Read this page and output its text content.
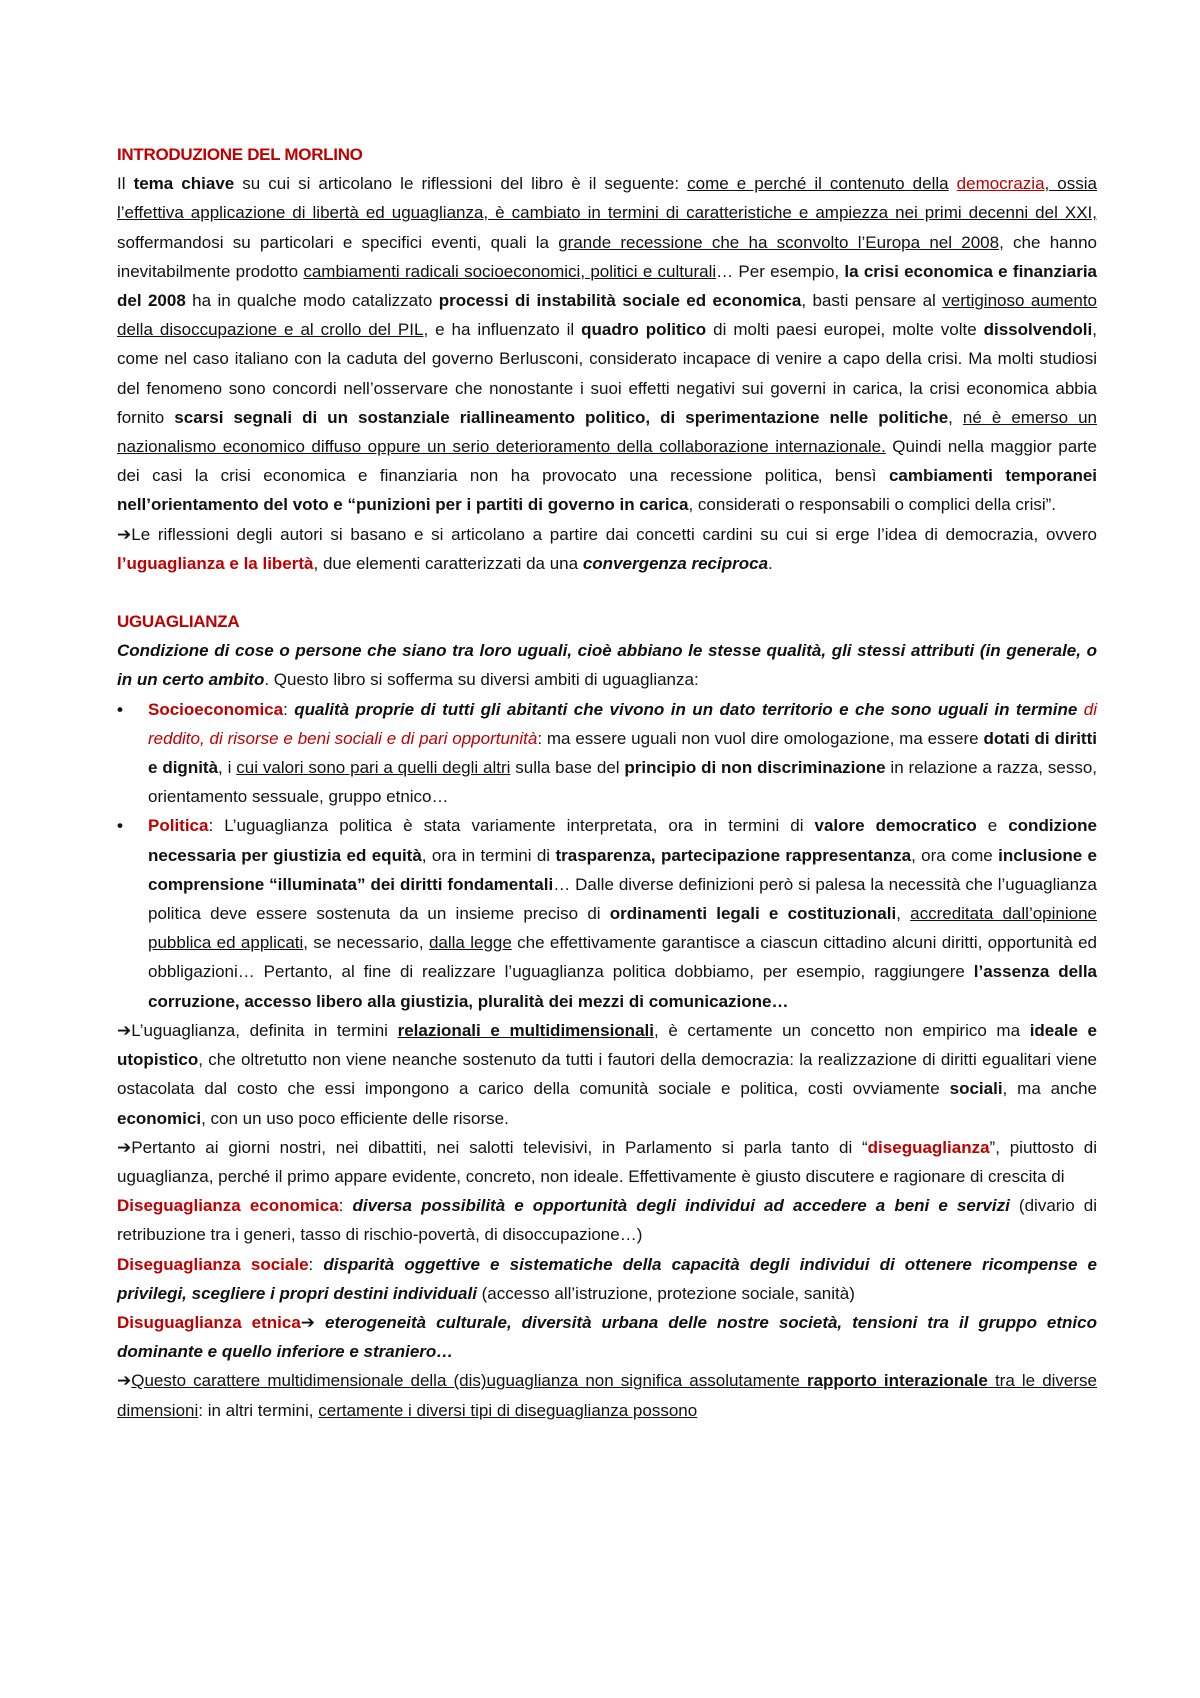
INTRODUZIONE DEL MORLINO

Il tema chiave su cui si articolano le riflessioni del libro è il seguente: come e perché il contenuto della democrazia, ossia l’effettiva applicazione di libertà ed uguaglianza, è cambiato in termini di caratteristiche e ampiezza nei primi decenni del XXI, soffermandosi su particolari e specifici eventi, quali la grande recessione che ha sconvolto l’Europa nel 2008, che hanno inevitabilmente prodotto cambiamenti radicali socioeconomici, politici e culturali… Per esempio, la crisi economica e finanziaria del 2008 ha in qualche modo catalizzato processi di instabilità sociale ed economica, basti pensare al vertiginoso aumento della disoccupazione e al crollo del PIL, e ha influenzato il quadro politico di molti paesi europei, molte volte dissolvendoli, come nel caso italiano con la caduta del governo Berlusconi, considerato incapace di venire a capo della crisi. Ma molti studiosi del fenomeno sono concordi nell’osservare che nonostante i suoi effetti negativi sui governi in carica, la crisi economica abbia fornito scarsi segnali di un sostanziale riallineamento politico, di sperimentazione nelle politiche, né è emerso un nazionalismo economico diffuso oppure un serio deterioramento della collaborazione internazionale. Quindi nella maggior parte dei casi la crisi economica e finanziaria non ha provocato una recessione politica, bensì cambiamenti temporanei nell’orientamento del voto e “punizioni per i partiti di governo in carica, considerati o responsabili o complici della crisi”.

➔Le riflessioni degli autori si basano e si articolano a partire dai concetti cardini su cui si erge l’idea di democrazia, ovvero l’uguaglianza e la libertà, due elementi caratterizzati da una convergenza reciproca.

UGUAGLIANZA

Condizione di cose o persone che siano tra loro uguali, cioè abbiano le stesse qualità, gli stessi attributi (in generale, o in un certo ambito. Questo libro si sofferma su diversi ambiti di uguaglianza:

• Socioeconomica: qualità proprie di tutti gli abitanti che vivono in un dato territorio e che sono uguali in termine di reddito, di risorse e beni sociali e di pari opportunità: ma essere uguali non vuol dire omologazione, ma essere dotati di diritti e dignità, i cui valori sono pari a quelli degli altri sulla base del principio di non discriminazione in relazione a razza, sesso, orientamento sessuale, gruppo etnico…
• Politica: L’uguaglianza politica è stata variamente interpretata, ora in termini di valore democratico e condizione necessaria per giustizia ed equità, ora in termini di trasparenza, partecipazione rappresentanza, ora come inclusione e comprensione “illuminata” dei diritti fondamentali… Dalle diverse definizioni però si palesa la necessità che l’uguaglianza politica deve essere sostenuta da un insieme preciso di ordinamenti legali e costituzionali, accreditata dall’opinione pubblica ed applicati, se necessario, dalla legge che effettivamente garantisce a ciascun cittadino alcuni diritti, opportunità ed obbligazioni… Pertanto, al fine di realizzare l’uguaglianza politica dobbiamo, per esempio, raggiungere l’assenza della corruzione, accesso libero alla giustizia, pluralità dei mezzi di comunicazione…

➔L’uguaglianza, definita in termini relazionali e multidimensionali, è certamente un concetto non empirico ma ideale e utopistico, che oltretutto non viene neanche sostenuto da tutti i fautori della democrazia: la realizzazione di diritti egualitari viene ostacolata dal costo che essi impongono a carico della comunità sociale e politica, costi ovviamente sociali, ma anche economici, con un uso poco efficiente delle risorse.

➔Pertanto ai giorni nostri, nei dibattiti, nei salotti televisivi, in Parlamento si parla tanto di “diseguaglianza”, piuttosto di uguaglianza, perché il primo appare evidente, concreto, non ideale. Effettivamente è giusto discutere e ragionare di crescita di

Diseguaglianza economica: diversa possibilità e opportunità degli individui ad accedere a beni e servizi (divario di retribuzione tra i generi, tasso di rischio-povertà, di disoccupazione…)

Diseguaglianza sociale: disparità oggettive e sistematiche della capacità degli individui di ottenere ricompense e privilegi, scegliere i propri destini individuali (accesso all’istruzione, protezione sociale, sanità)

Disuguaglianza etnica➔ eterogeneità culturale, diversità urbana delle nostre società, tensioni tra il gruppo etnico dominante e quello inferiore e straniero…

➔Questo carattere multidimensionale della (dis)uguaglianza non significa assolutamente rapporto interazionale tra le diverse dimensioni: in altri termini, certamente i diversi tipi di diseguaglianza possono
